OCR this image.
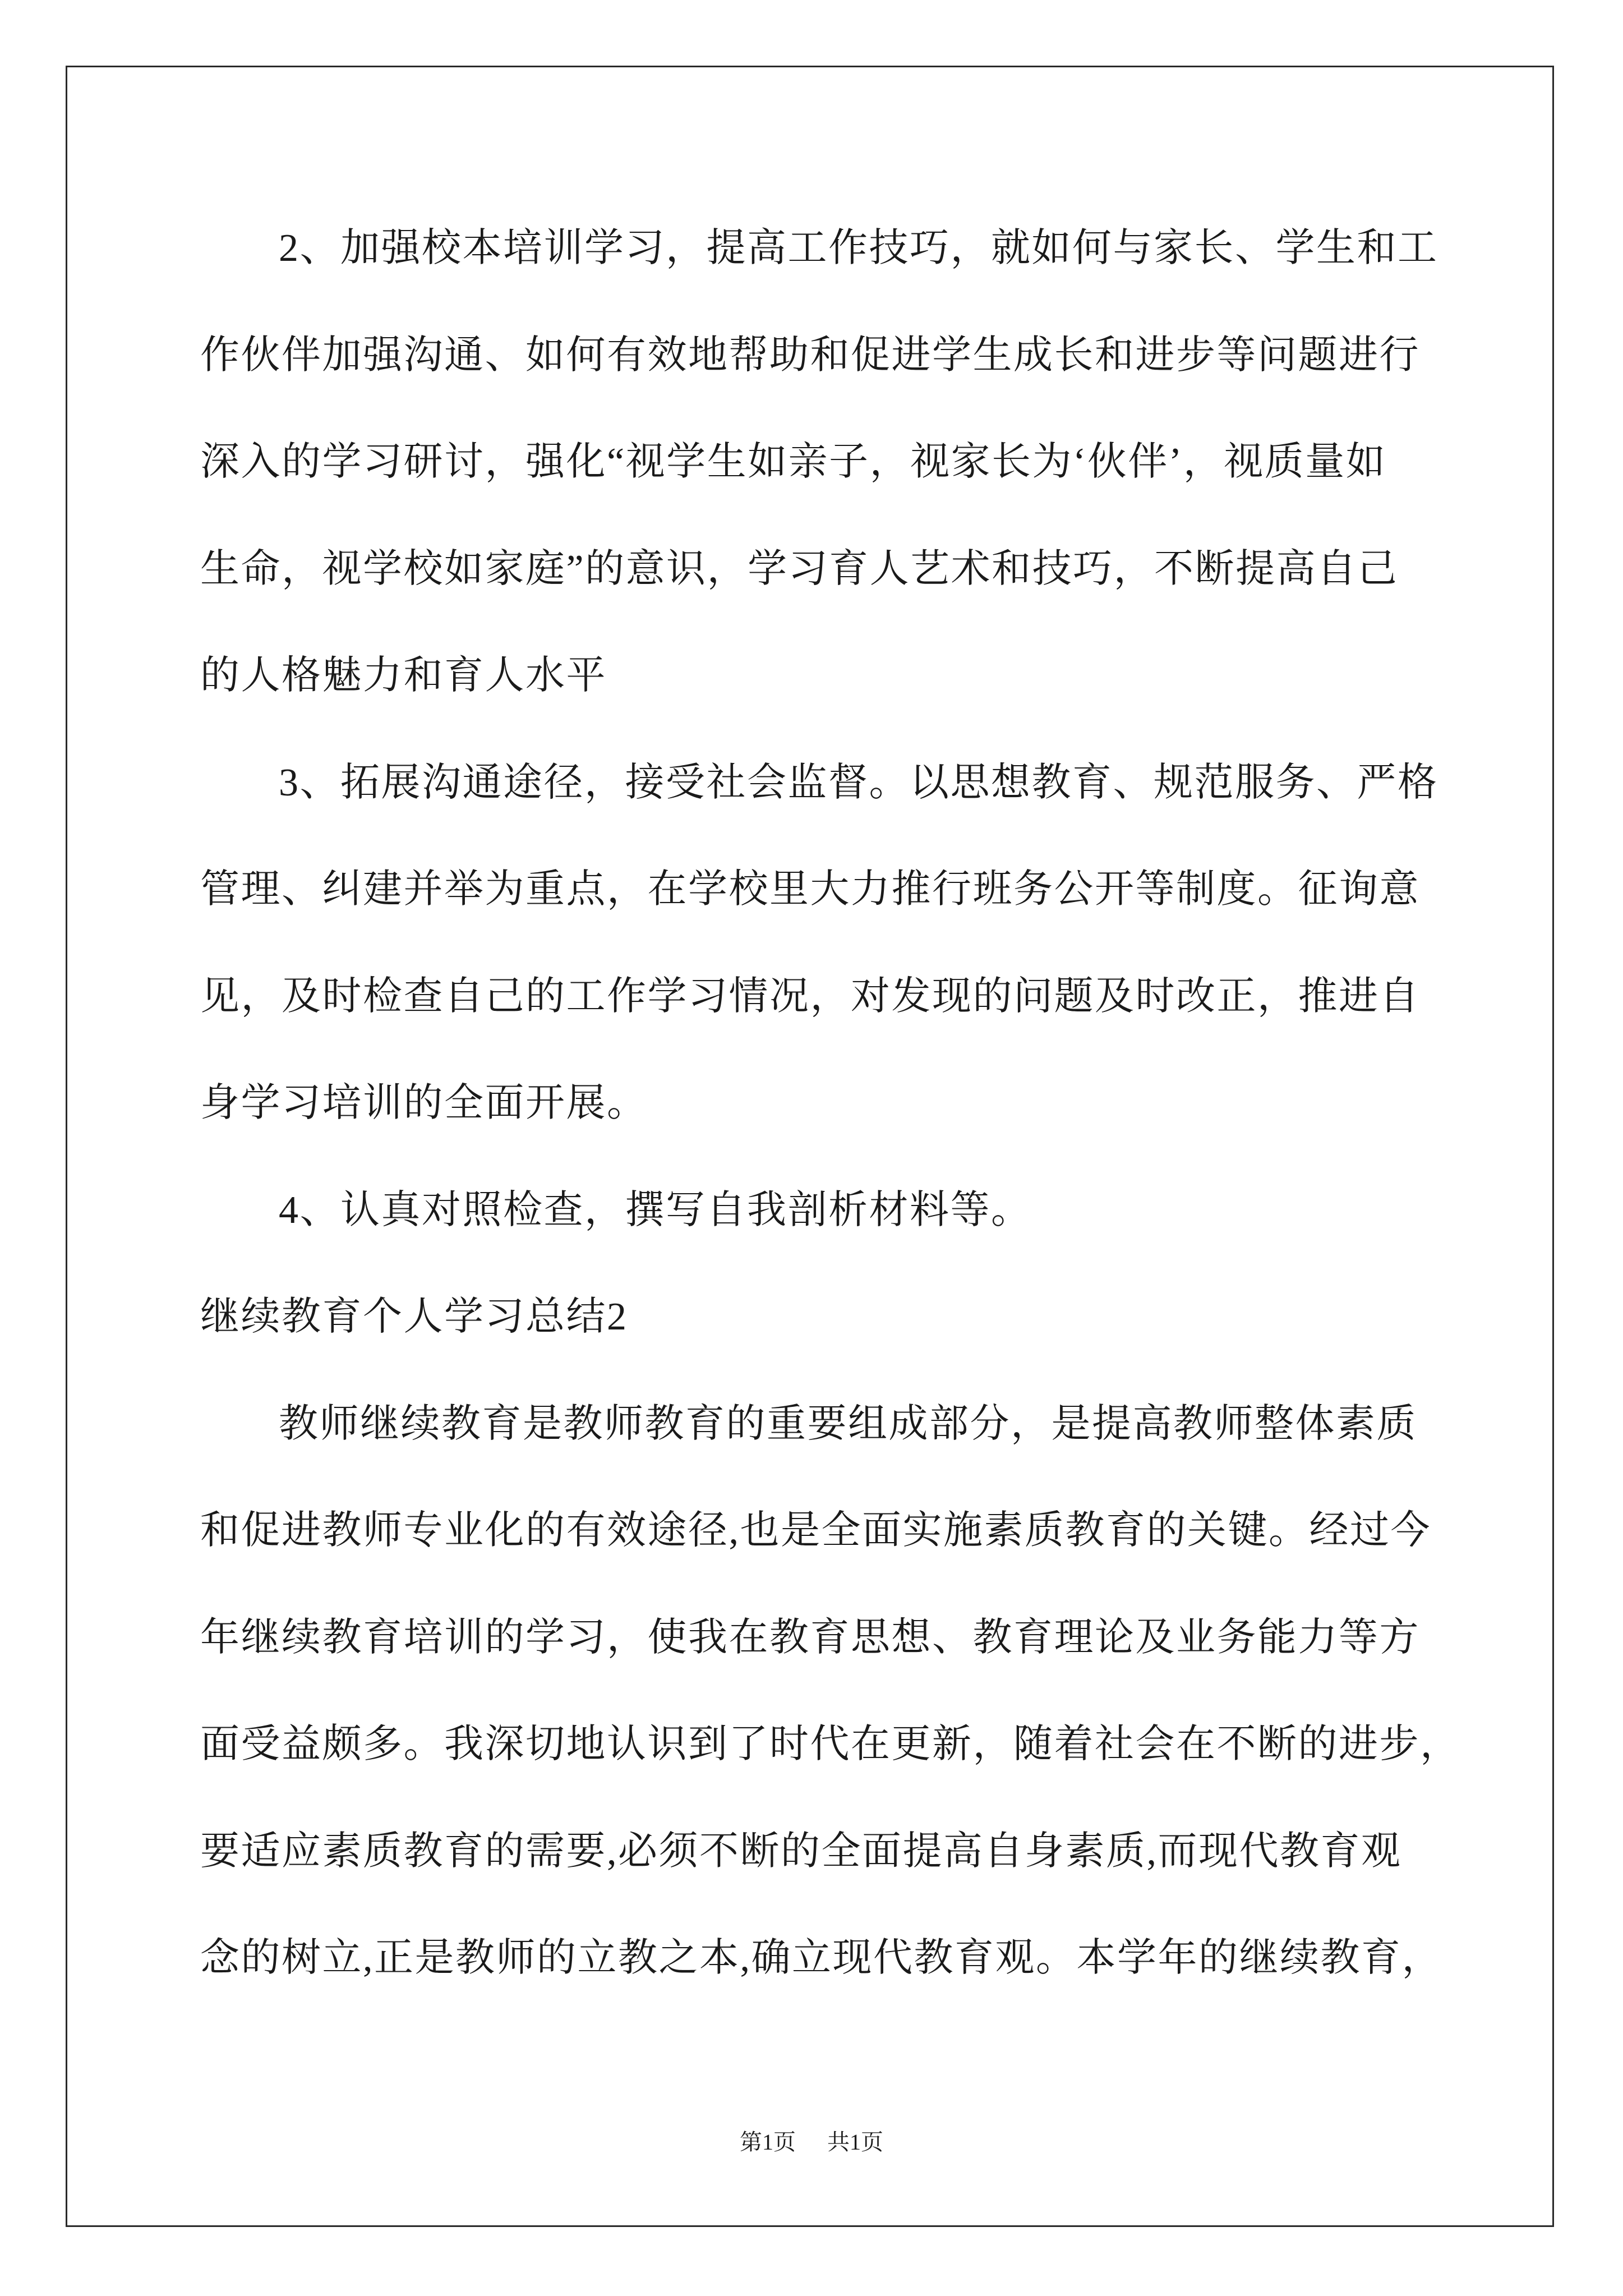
2、加强校本培训学习，提高工作技巧，就如何与家长、学生和工
作伙伴加强沟通、如何有效地帮助和促进学生成长和进步等问题进行
深入的学习研讨，强化“视学生如亲子，视家长为‘伙伴’，视质量如
生命，视学校如家庭”的意识，学习育人艺术和技巧，不断提高自己
的人格魅力和育人水平
3、拓展沟通途径，接受社会监督。以思想教育、规范服务、严格
管理、纠建并举为重点，在学校里大力推行班务公开等制度。征询意
见，及时检查自己的工作学习情况，对发现的问题及时改正，推进自
身学习培训的全面开展。
4、认真对照检查，撰写自我剖析材料等。
继续教育个人学习总结2
教师继续教育是教师教育的重要组成部分，是提高教师整体素质
和促进教师专业化的有效途径,也是全面实施素质教育的关键。经过今
年继续教育培训的学习，使我在教育思想、教育理论及业务能力等方
面受益颇多。我深切地认识到了时代在更新，随着社会在不断的进步，
要适应素质教育的需要,必须不断的全面提高自身素质,而现代教育观
念的树立,正是教师的立教之本,确立现代教育观。本学年的继续教育，
第1页 共1页
